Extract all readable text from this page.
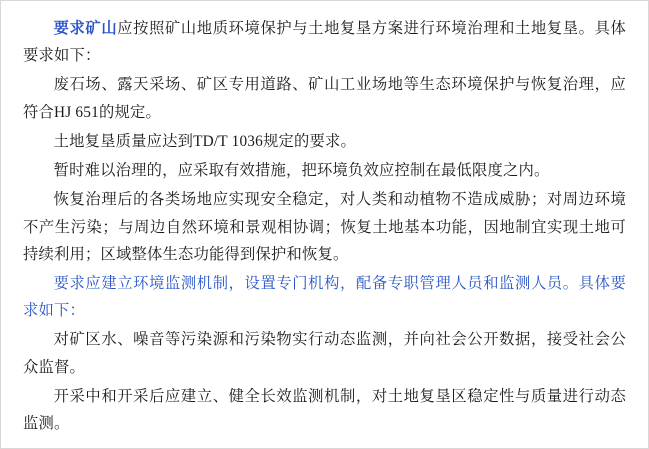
要求矿山应按照矿山地质环境保护与土地复垦方案进行环境治理和土地复垦。具体要求如下：

废石场、露天采场、矿区专用道路、矿山工业场地等生态环境保护与恢复治理，应符合HJ 651的规定。

土地复垦质量应达到TD/T 1036规定的要求。

暂时难以治理的，应采取有效措施，把环境负效应控制在最低限度之内。

恢复治理后的各类场地应实现安全稳定，对人类和动植物不造成威胁；对周边环境不产生污染；与周边自然环境和景观相协调；恢复土地基本功能，因地制宜实现土地可持续利用；区域整体生态功能得到保护和恢复。

要求应建立环境监测机制，设置专门机构，配备专职管理人员和监测人员。具体要求如下：

对矿区水、噪音等污染源和污染物实行动态监测，并向社会公开数据，接受社会公众监督。

开采中和开采后应建立、健全长效监测机制，对土地复垦区稳定性与质量进行动态监测。
